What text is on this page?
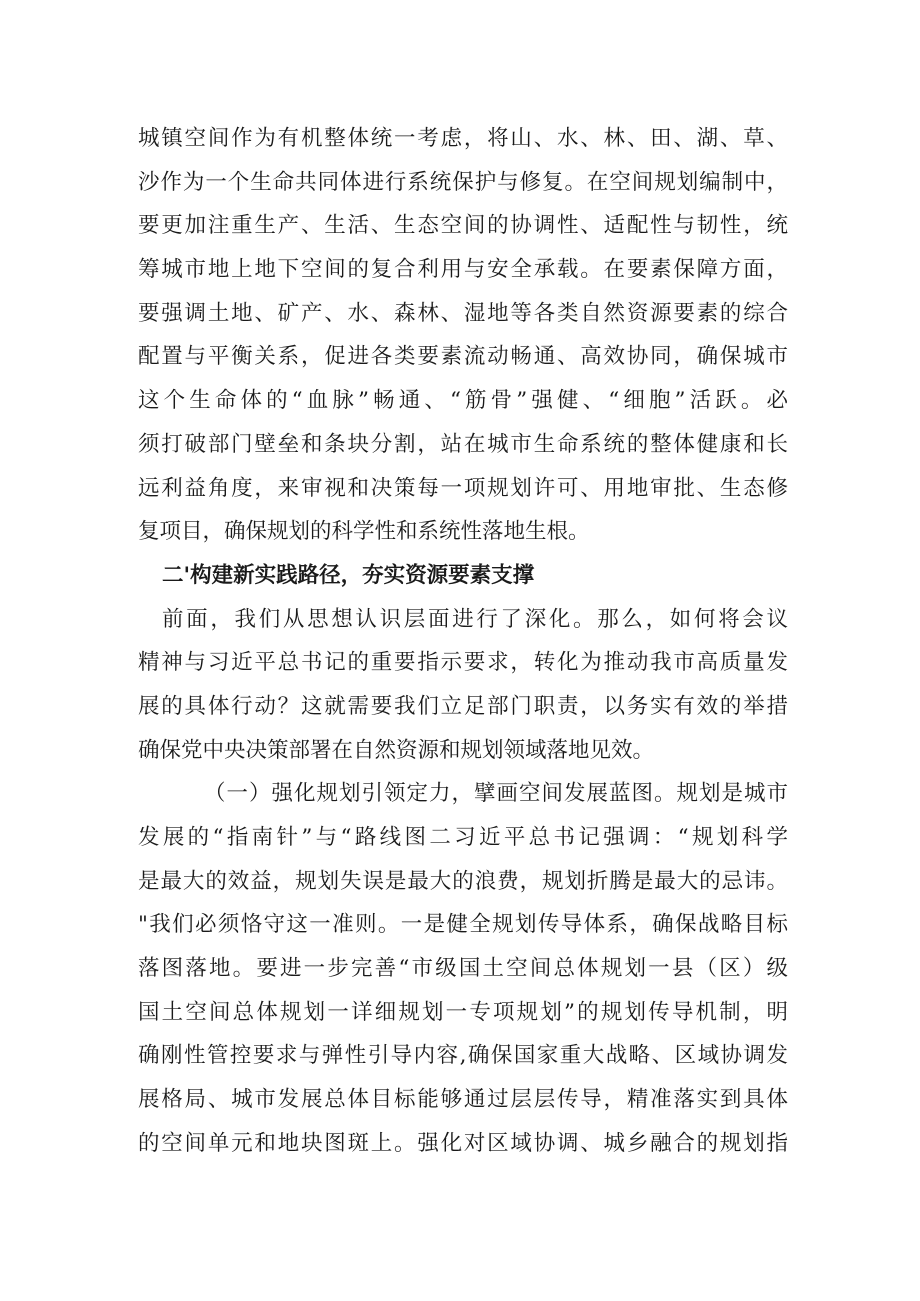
城镇空间作为有机整体统一考虑，将山、水、林、田、湖、草、
沙作为一个生命共同体进行系统保护与修复。在空间规划编制中，
要更加注重生产、生活、生态空间的协调性、适配性与韧性，统
筹城市地上地下空间的复合利用与安全承载。在要素保障方面，
要强调土地、矿产、水、森林、湿地等各类自然资源要素的综合
配置与平衡关系，促进各类要素流动畅通、高效协同，确保城市
这个生命体的“血脉”畅通、“筋骨”强健、“细胞”活跃。必
须打破部门壁垒和条块分割，站在城市生命系统的整体健康和长
远利益角度，来审视和决策每一项规划许可、用地审批、生态修
复项目，确保规划的科学性和系统性落地生根。
二'构建新实践路径，夯实资源要素支撑
前面，我们从思想认识层面进行了深化。那么，如何将会议
精神与习近平总书记的重要指示要求，转化为推动我市高质量发
展的具体行动？这就需要我们立足部门职责，以务实有效的举措
确保党中央决策部署在自然资源和规划领域落地见效。
（一）强化规划引领定力，擘画空间发展蓝图。规划是城市
发展的“指南针”与“路线图二习近平总书记强调：“规划科学
是最大的效益，规划失误是最大的浪费，规划折腾是最大的忌讳。
"我们必须恪守这一准则。一是健全规划传导体系，确保战略目标
落图落地。要进一步完善“市级国土空间总体规划一县（区）级
国土空间总体规划一详细规划一专项规划”的规划传导机制，明
确刚性管控要求与弹性引导内容,确保国家重大战略、区域协调发
展格局、城市发展总体目标能够通过层层传导，精准落实到具体
的空间单元和地块图斑上。强化对区域协调、城乡融合的规划指
